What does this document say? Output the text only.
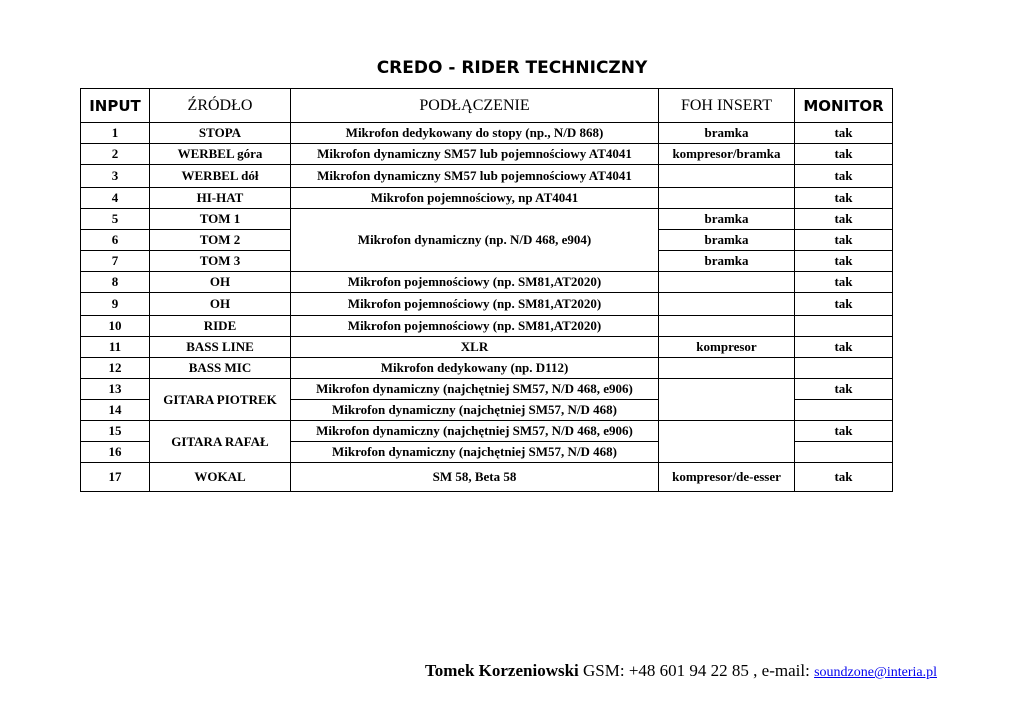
CREDO - RIDER TECHNICZNY
INPUT	ŹRÓDŁO	PODŁĄCZENIE	FOH INSERT	MONITOR
1	STOPA	Mikrofon dedykowany do stopy (np., N/D 868)	bramka	tak
2	WERBEL góra	Mikrofon dynamiczny SM57 lub pojemnościowy AT4041	kompresor/bramka	tak
3	WERBEL dół	Mikrofon dynamiczny SM57 lub pojemnościowy AT4041		tak
4	HI-HAT	Mikrofon pojemnościowy, np AT4041		tak
5	TOM 1	Mikrofon dynamiczny (np. N/D 468, e904)	bramka	tak
6	TOM 2		bramka	tak
7	TOM 3		bramka	tak
8	OH	Mikrofon pojemnościowy (np. SM81,AT2020)		tak
9	OH	Mikrofon pojemnościowy (np. SM81,AT2020)		tak
10	RIDE	Mikrofon pojemnościowy (np. SM81,AT2020)		
11	BASS LINE	XLR	kompresor	tak
12	BASS MIC	Mikrofon dedykowany (np. D112)		
13	GITARA PIOTREK	Mikrofon dynamiczny (najchętniej SM57, N/D 468, e906)		tak
14		Mikrofon dynamiczny (najchętniej SM57, N/D 468)		
15	GITARA RAFAŁ	Mikrofon dynamiczny (najchętniej SM57, N/D 468, e906)		tak
16		Mikrofon dynamiczny (najchętniej SM57, N/D 468)		
17	WOKAL	SM 58, Beta 58	kompresor/de-esser	tak
Tomek Korzeniowski GSM: +48 601 94 22 85 , e-mail: soundzone@interia.pl
